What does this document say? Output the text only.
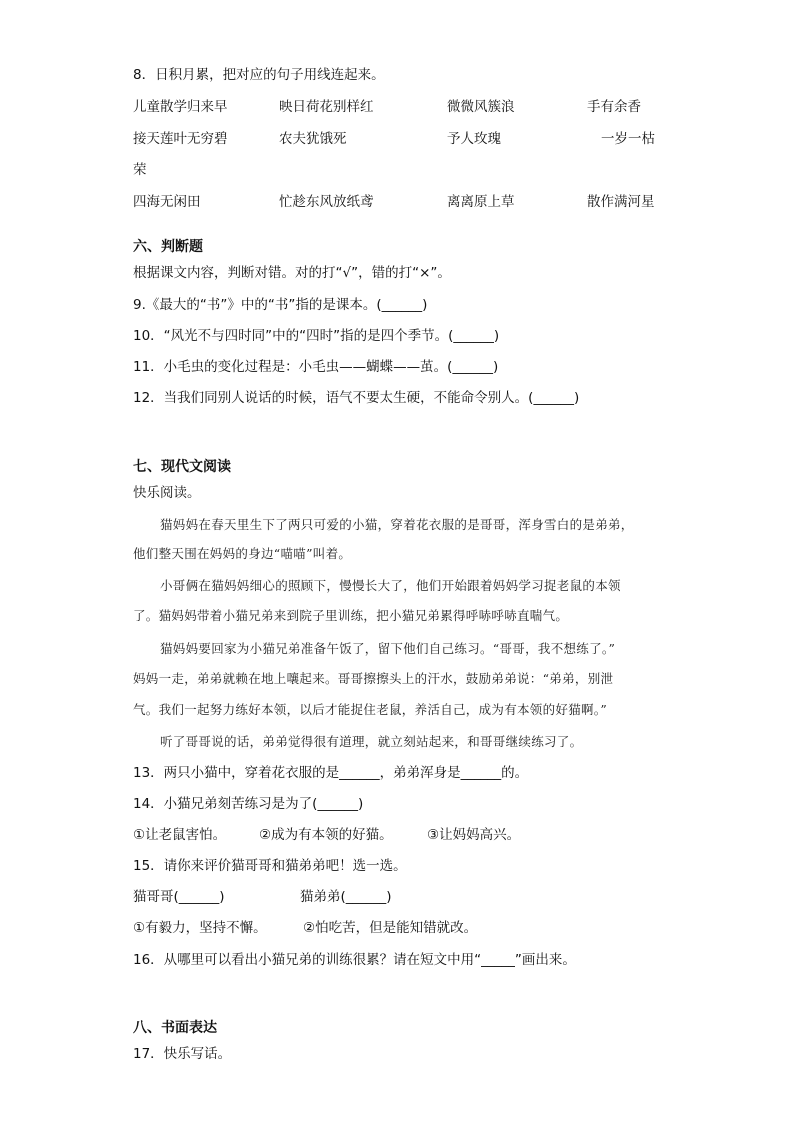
8．日积月累，把对应的句子用线连起来。
儿童散学归来早	映日荷花别样红	微微风簇浪	手有余香
接天莲叶无穷碧	农夫犹饿死	予人玫瑰	一岁一枯
荣
四海无闲田	忙趁东风放纸鸢	离离原上草	散作满河星
六、判断题
根据课文内容，判断对错。对的打“√”，错的打“×”。
9.《最大的“书”》中的“书”指的是课本。(______)
10．“风光不与四时同”中的“四时”指的是四个季节。(______)
11．小毛虫的变化过程是：小毛虫——蝴蝶——茧。(______)
12．当我们同别人说话的时候，语气不要太生硬，不能命令别人。(______)
七、现代文阅读
快乐阅读。
猫妈妈在春天里生下了两只可爱的小猫，穿着花衣服的是哥哥，浑身雪白的是弟弟，
他们整天围在妈妈的身边“喵喵”叫着。
小哥俩在猫妈妈细心的照顾下，慢慢长大了，他们开始跟着妈妈学习捉老鼠的本领
了。猫妈妈带着小猫兄弟来到院子里训练，把小猫兄弟累得呼哧呼哧直喘气。
猫妈妈要回家为小猫兄弟准备午饭了，留下他们自己练习。“哥哥，我不想练了。”
妈妈一走，弟弟就赖在地上嚷起来。哥哥擦擦头上的汗水，鼓励弟弟说：“弟弟，别泄
气。我们一起努力练好本领，以后才能捉住老鼠，养活自己，成为有本领的好猫啊。”
听了哥哥说的话，弟弟觉得很有道理，就立刻站起来，和哥哥继续练习了。
13．两只小猫中，穿着花衣服的是______，弟弟浑身是______的。
14．小猫兄弟刻苦练习是为了(______)
①让老鼠害怕。 ②成为有本领的好猫。	③让妈妈高兴。
15．请你来评价猫哥哥和猫弟弟吧！选一选。
猫哥哥(______)	猫弟弟(______)
①有毅力，坚持不懈。	②怕吃苦，但是能知错就改。
16．从哪里可以看出小猫兄弟的训练很累？请在短文中用“_____”画出来。
八、书面表达
17．快乐写话。
